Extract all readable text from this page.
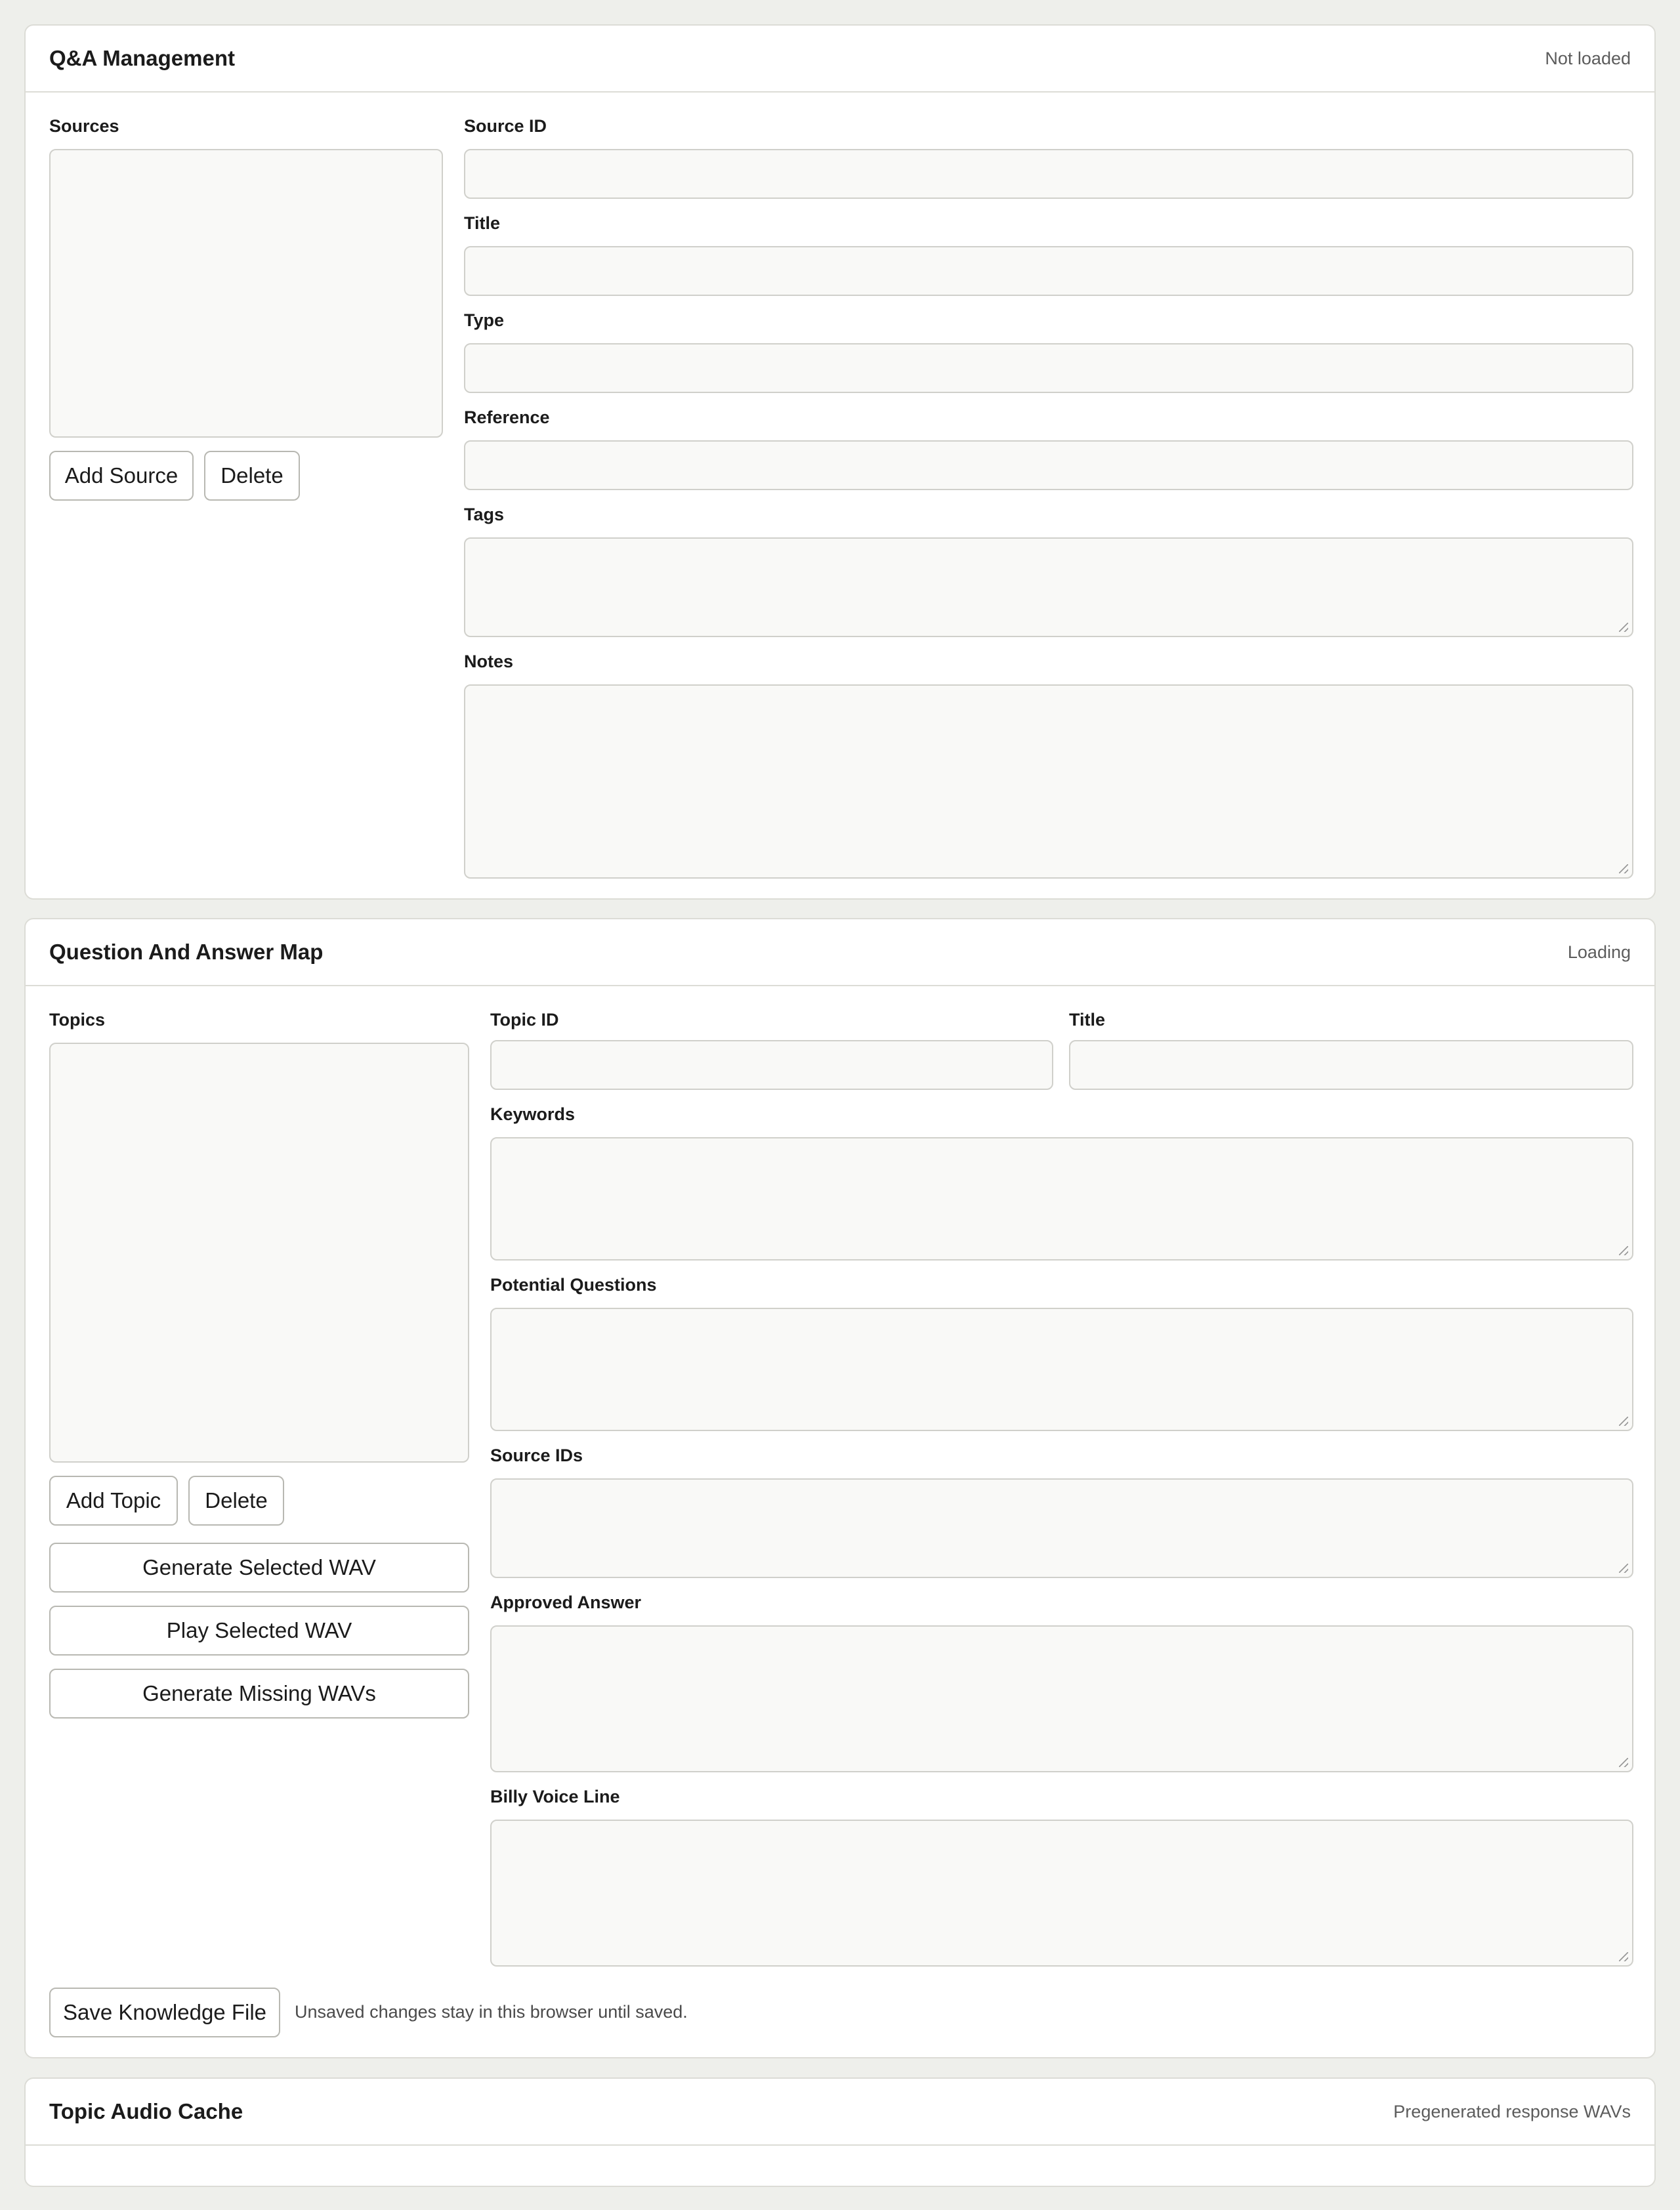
Q&A Management	Not loaded
Sources
Add Source	Delete
Source ID
Title
Type
Reference
Tags
Notes
Question And Answer Map	Loading
Topics
Add Topic	Delete
Generate Selected WAV
Play Selected WAV
Generate Missing WAVs
Topic ID	Title
Keywords
Potential Questions
Source IDs
Approved Answer
Billy Voice Line
Save Knowledge File	Unsaved changes stay in this browser until saved.
Topic Audio Cache	Pregenerated response WAVs
